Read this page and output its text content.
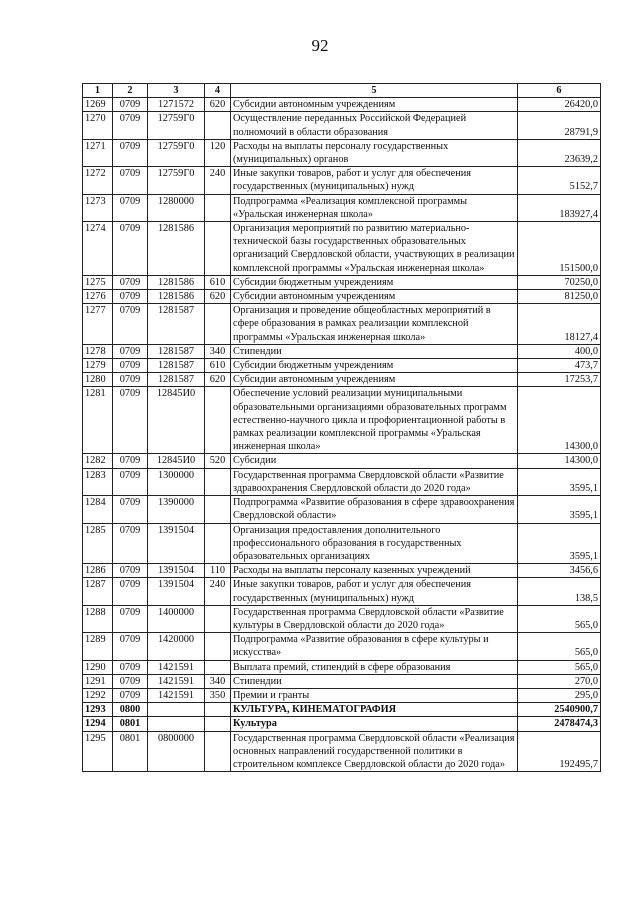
92
1	2	3	4	5	6
1269	0709	1271572	620	Субсидии автономным учреждениям	26420,0
1270	0709	12759Г0		Осуществление переданных Российской Федерацией полномочий в области образования	28791,9
1271	0709	12759Г0	120	Расходы на выплаты персоналу государственных (муниципальных) органов	23639,2
1272	0709	12759Г0	240	Иные закупки товаров, работ и услуг для обеспечения государственных (муниципальных) нужд	5152,7
1273	0709	1280000		Подпрограмма «Реализация комплексной программы «Уральская инженерная школа»	183927,4
1274	0709	1281586		Организация мероприятий по развитию материально-технической базы государственных образовательных организаций Свердловской области, участвующих в реализации комплексной программы «Уральская инженерная школа»	151500,0
1275	0709	1281586	610	Субсидии бюджетным учреждениям	70250,0
1276	0709	1281586	620	Субсидии автономным учреждениям	81250,0
1277	0709	1281587		Организация и проведение общеобластных мероприятий в сфере образования в рамках реализации комплексной программы «Уральская инженерная школа»	18127,4
1278	0709	1281587	340	Стипендии	400,0
1279	0709	1281587	610	Субсидии бюджетным учреждениям	473,7
1280	0709	1281587	620	Субсидии автономным учреждениям	17253,7
1281	0709	12845И0		Обеспечение условий реализации муниципальными образовательными организациями образовательных программ естественно-научного цикла и профориентационной работы в рамках реализации комплексной программы «Уральская инженерная школа»	14300,0
1282	0709	12845И0	520	Субсидии	14300,0
1283	0709	1300000		Государственная программа Свердловской области «Развитие здравоохранения Свердловской области до 2020 года»	3595,1
1284	0709	1390000		Подпрограмма «Развитие образования в сфере здравоохранения Свердловской области»	3595,1
1285	0709	1391504		Организация предоставления дополнительного профессионального образования в государственных образовательных организациях	3595,1
1286	0709	1391504	110	Расходы на выплаты персоналу казенных учреждений	3456,6
1287	0709	1391504	240	Иные закупки товаров, работ и услуг для обеспечения государственных (муниципальных) нужд	138,5
1288	0709	1400000		Государственная программа Свердловской области «Развитие культуры в Свердловской области до 2020 года»	565,0
1289	0709	1420000		Подпрограмма «Развитие образования в сфере культуры и искусства»	565,0
1290	0709	1421591		Выплата премий, стипендий в сфере образования	565,0
1291	0709	1421591	340	Стипендии	270,0
1292	0709	1421591	350	Премии и гранты	295,0
1293	0800			КУЛЬТУРА, КИНЕМАТОГРАФИЯ	2540900,7
1294	0801			Культура	2478474,3
1295	0801	0800000		Государственная программа Свердловской области «Реализация основных направлений государственной политики в строительном комплексе Свердловской области до 2020 года»	192495,7
